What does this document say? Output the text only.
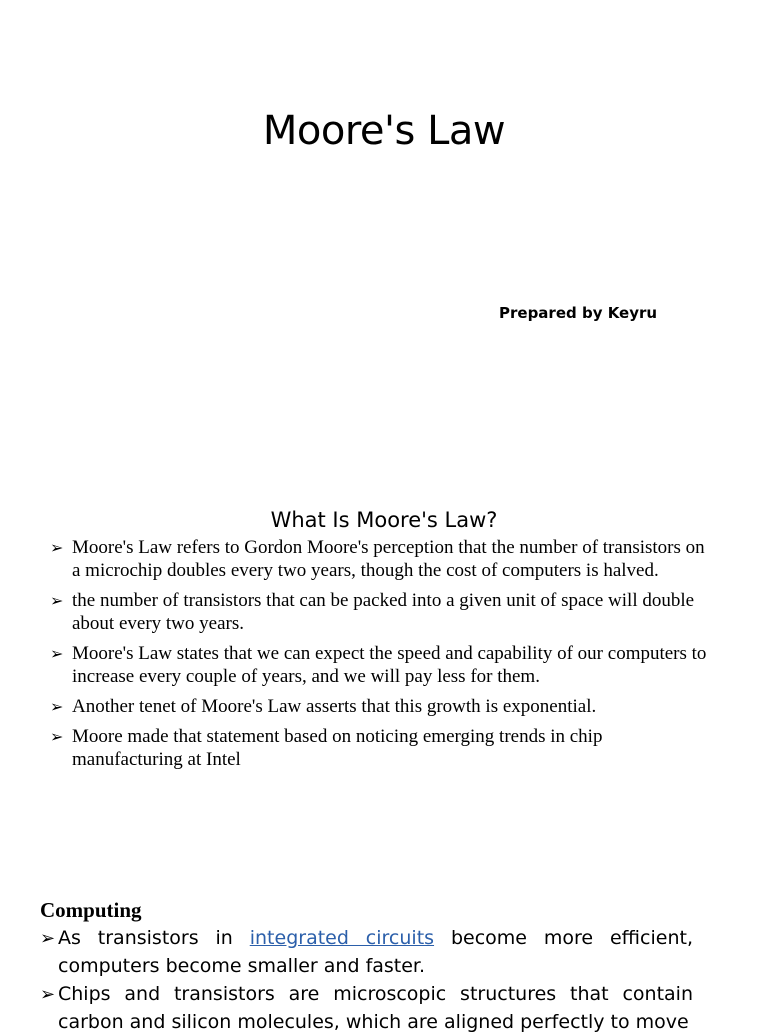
Moore's Law
Prepared by Keyru
What Is Moore's Law?
➢ Moore's Law refers to Gordon Moore's perception that the number of transistors on a microchip doubles every two years, though the cost of computers is halved.
➢ the number of transistors that can be packed into a given unit of space will double about every two years.
➢ Moore's Law states that we can expect the speed and capability of our computers to increase every couple of years, and we will pay less for them.
➢ Another tenet of Moore's Law asserts that this growth is exponential.
➢ Moore made that statement based on noticing emerging trends in chip manufacturing at Intel
Computing
➢ As transistors in integrated circuits become more efficient, computers become smaller and faster.
➢ Chips and transistors are microscopic structures that contain carbon and silicon molecules, which are aligned perfectly to move
